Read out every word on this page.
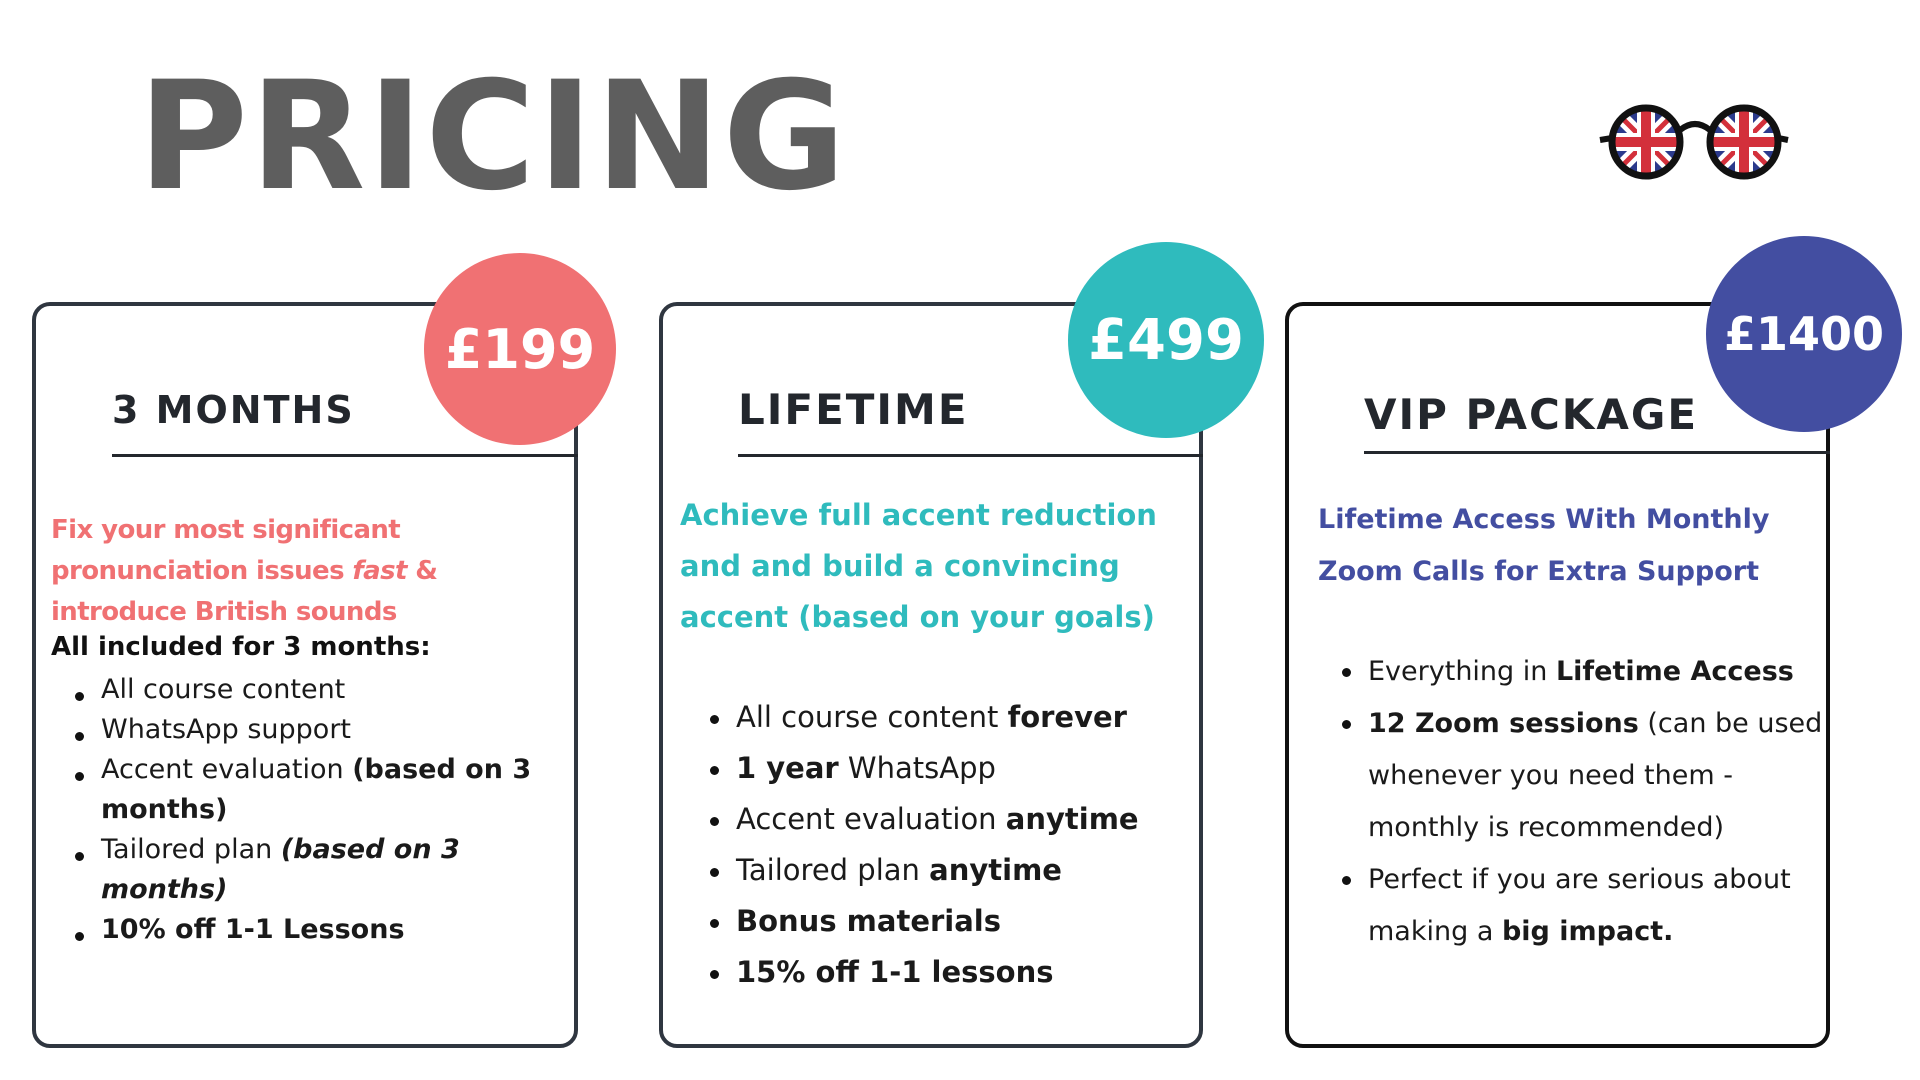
PRICING
£199
3 MONTHS

Fix your most significant pronunciation issues fast & introduce British sounds

All included for 3 months:

All course content
WhatsApp support
Accent evaluation (based on 3 months)
Tailored plan (based on 3 months)
10% off 1-1 Lessons
£499
LIFETIME

Achieve full accent reduction and and build a convincing accent (based on your goals)

All course content forever
1 year WhatsApp
Accent evaluation anytime
Tailored plan anytime
Bonus materials
15% off 1-1 lessons
£1400
VIP PACKAGE

Lifetime Access With Monthly Zoom Calls for Extra Support

Everything in Lifetime Access
12 Zoom sessions (can be used whenever you need them - monthly is recommended)
Perfect if you are serious about making a big impact.
